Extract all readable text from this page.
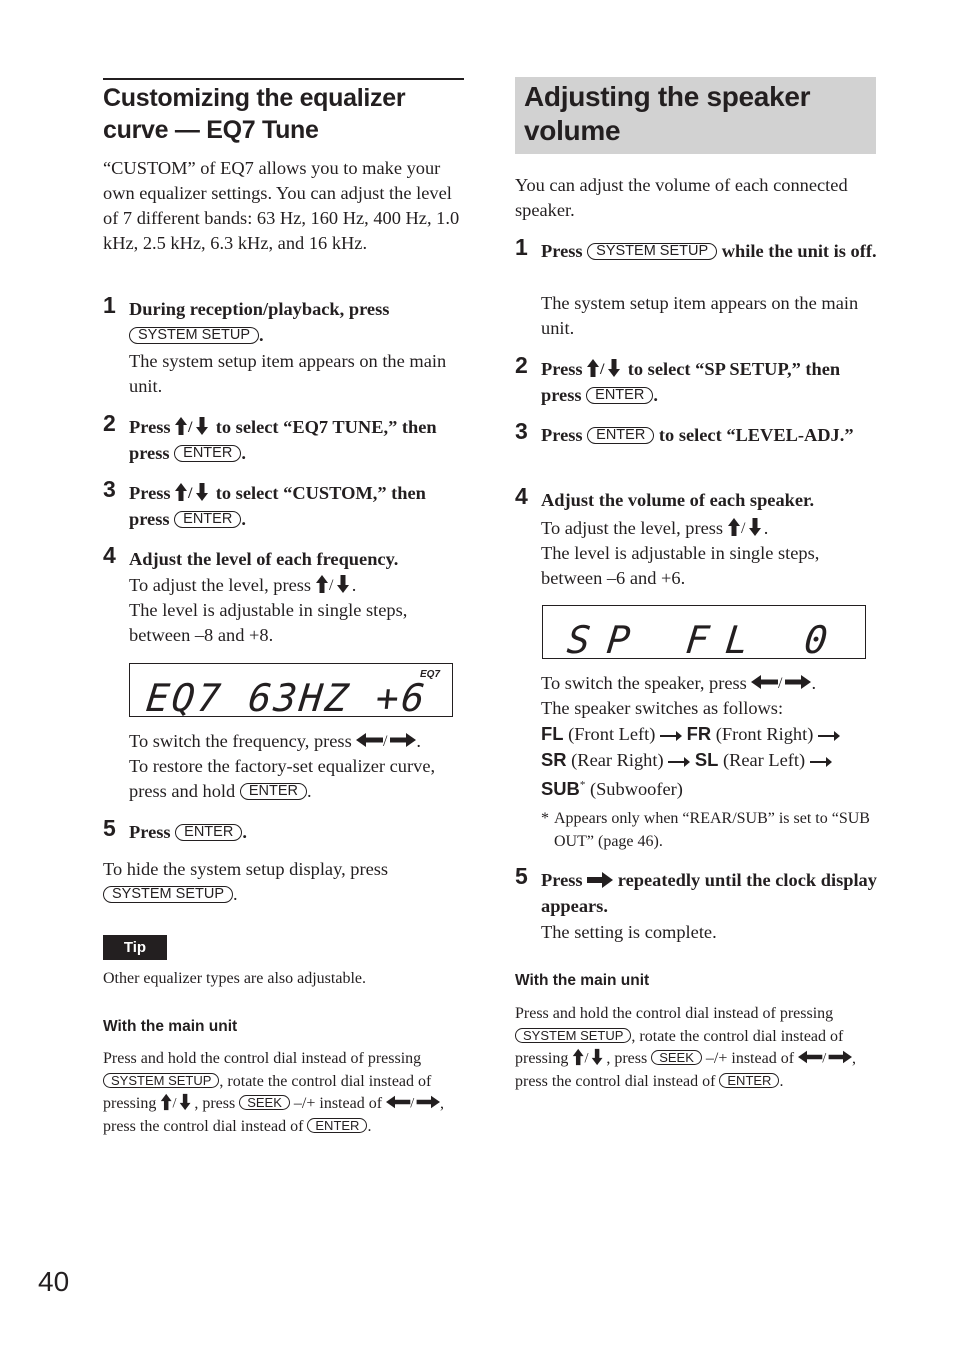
Customizing the equalizer curve — EQ7 Tune

“CUSTOM” of EQ7 allows you to make your own equalizer settings. You can adjust the level of 7 different bands: 63 Hz, 160 Hz, 400 Hz, 1.0 kHz, 2.5 kHz, 6.3 kHz, and 16 kHz.

1 During reception/playback, press
SYSTEM SETUP .
The system setup item appears on the main unit.
2 Press / to select “EQ7 TUNE,” then press ENTER .
3 Press / to select “CUSTOM,” then press ENTER .
4 Adjust the level of each frequency.
To adjust the level, press / .
The level is adjustable in single steps, between –8 and +8.
EQ7 63HZ +6
EQ7

To switch the frequency, press / .
To restore the factory-set equalizer curve, press and hold ENTER .

5 Press ENTER .

To hide the system setup display, press
SYSTEM SETUP .

Tip

Other equalizer types are also adjustable.

With the main unit

Press and hold the control dial instead of pressing
SYSTEM SETUP , rotate the control dial instead of pressing / , press SEEK –/+ instead of / , press the control dial instead of ENTER .

Adjusting the speaker volume

You can adjust the volume of each connected speaker.

1 Press SYSTEM SETUP while the unit is off.
The system setup item appears on the main unit.
2 Press / to select “SP SETUP,” then press ENTER .
3 Press ENTER to select “LEVEL-ADJ.”
4 Adjust the volume of each speaker.
To adjust the level, press / .
The level is adjustable in single steps, between –6 and +6.
SP FL 0

To switch the speaker, press / .
The speaker switches as follows:
FL (Front Left) FR (Front Right)
SR (Rear Right) SL (Rear Left)
SUB* (Subwoofer)

* Appears only when “REAR/SUB” is set to “SUB OUT” (page 46).
5 Press repeatedly until the clock display appears.
The setting is complete.
With the main unit

Press and hold the control dial instead of pressing
SYSTEM SETUP , rotate the control dial instead of pressing / , press SEEK –/+ instead of / , press the control dial instead of ENTER .

40
